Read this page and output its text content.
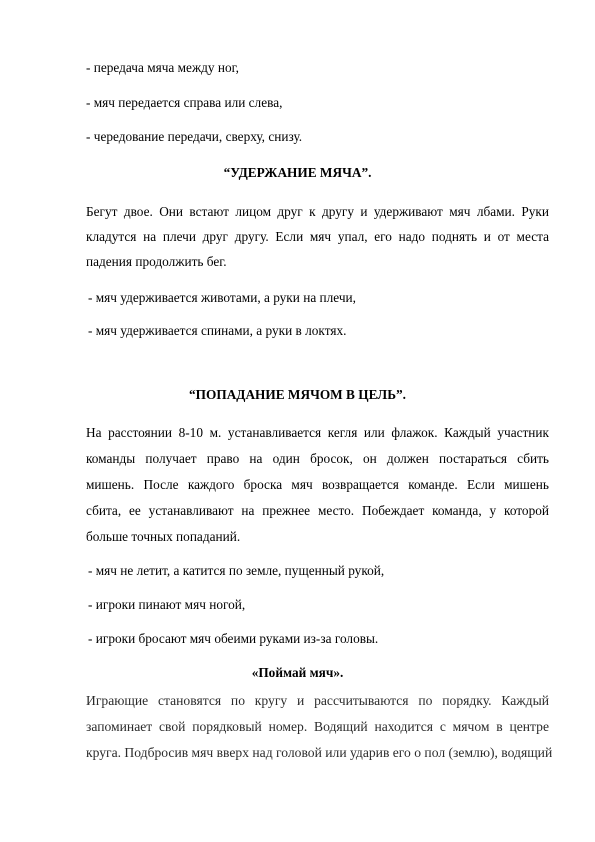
- передача мяча между ног,

- мяч передается справа или слева,

- чередование передачи, сверху, снизу.

“УДЕРЖАНИЕ МЯЧА”.

Бегут двое. Они встают лицом друг к другу и удерживают мяч лбами. Руки

кладутся на плечи друг другу. Если мяч упал, его надо поднять и от места

падения продолжить бег.

- мяч удерживается животами, а руки на плечи,

- мяч удерживается спинами, а руки в локтях.

“ПОПАДАНИЕ МЯЧОМ В ЦЕЛЬ”.

На расстоянии 8-10 м. устанавливается кегля или флажок. Каждый участник

команды получает право на один бросок, он должен постараться сбить

мишень. После каждого броска мяч возвращается команде. Если мишень

сбита, ее устанавливают на прежнее место. Побеждает команда, у которой

больше точных попаданий.

- мяч не летит, а катится по земле, пущенный рукой,

- игроки пинают мяч ногой,

- игроки бросают мяч обеими руками из-за головы.

«Поймай мяч».

Играющие становятся по кругу и рассчитываются по порядку. Каждый

запоминает свой порядковый номер. Водящий находится с мячом в центре

круга. Подбросив мяч вверх над головой или ударив его о пол (землю), водящий
